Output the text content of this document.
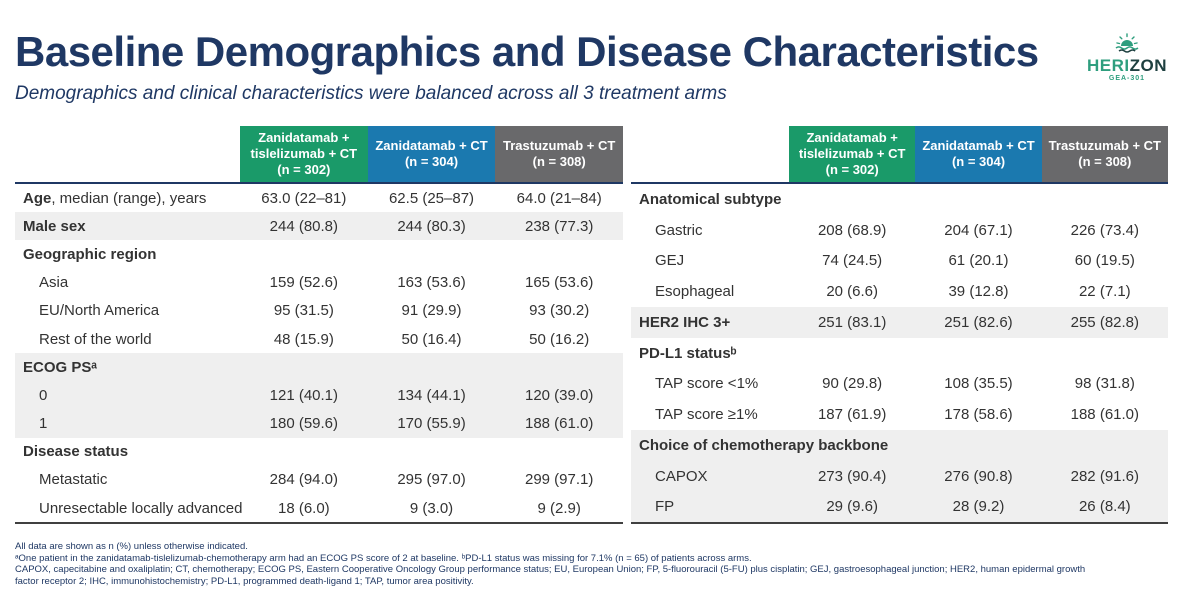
HERIZON
GEA-301
Baseline Demographics and Disease Characteristics
Demographics and clinical characteristics were balanced across all 3 treatment arms
Zanidatamab + tislelizumab + CT
(n = 302)
Zanidatamab + CT
(n = 304)
Trastuzumab + CT
(n = 308)
Age, median (range), years	63.0 (22–81)	62.5 (25–87)	64.0 (21–84)
Male sex	244 (80.8)	244 (80.3)	238 (77.3)
Geographic region
Asia	159 (52.6)	163 (53.6)	165 (53.6)
EU/North America	95 (31.5)	91 (29.9)	93 (30.2)
Rest of the world	48 (15.9)	50 (16.4)	50 (16.2)
ECOG PSᵃ
0	121 (40.1)	134 (44.1)	120 (39.0)
1	180 (59.6)	170 (55.9)	188 (61.0)
Disease status
Metastatic	284 (94.0)	295 (97.0)	299 (97.1)
Unresectable locally advanced	18 (6.0)	9 (3.0)	9 (2.9)
Zanidatamab + tislelizumab + CT
(n = 302)
Zanidatamab + CT
(n = 304)
Trastuzumab + CT
(n = 308)
Anatomical subtype
Gastric	208 (68.9)	204 (67.1)	226 (73.4)
GEJ	74 (24.5)	61 (20.1)	60 (19.5)
Esophageal	20 (6.6)	39 (12.8)	22 (7.1)
HER2 IHC 3+	251 (83.1)	251 (82.6)	255 (82.8)
PD-L1 statusᵇ
TAP score <1%	90 (29.8)	108 (35.5)	98 (31.8)
TAP score ≥1%	187 (61.9)	178 (58.6)	188 (61.0)
Choice of chemotherapy backbone
CAPOX	273 (90.4)	276 (90.8)	282 (91.6)
FP	29 (9.6)	28 (9.2)	26 (8.4)
All data are shown as n (%) unless otherwise indicated.
ᵃOne patient in the zanidatamab-tislelizumab-chemotherapy arm had an ECOG PS score of 2 at baseline. ᵇPD-L1 status was missing for 7.1% (n = 65) of patients across arms.
CAPOX, capecitabine and oxaliplatin; CT, chemotherapy; ECOG PS, Eastern Cooperative Oncology Group performance status; EU, European Union; FP, 5-fluorouracil (5-FU) plus cisplatin; GEJ, gastroesophageal junction; HER2, human epidermal growth
factor receptor 2; IHC, immunohistochemistry; PD-L1, programmed death-ligand 1; TAP, tumor area positivity.
